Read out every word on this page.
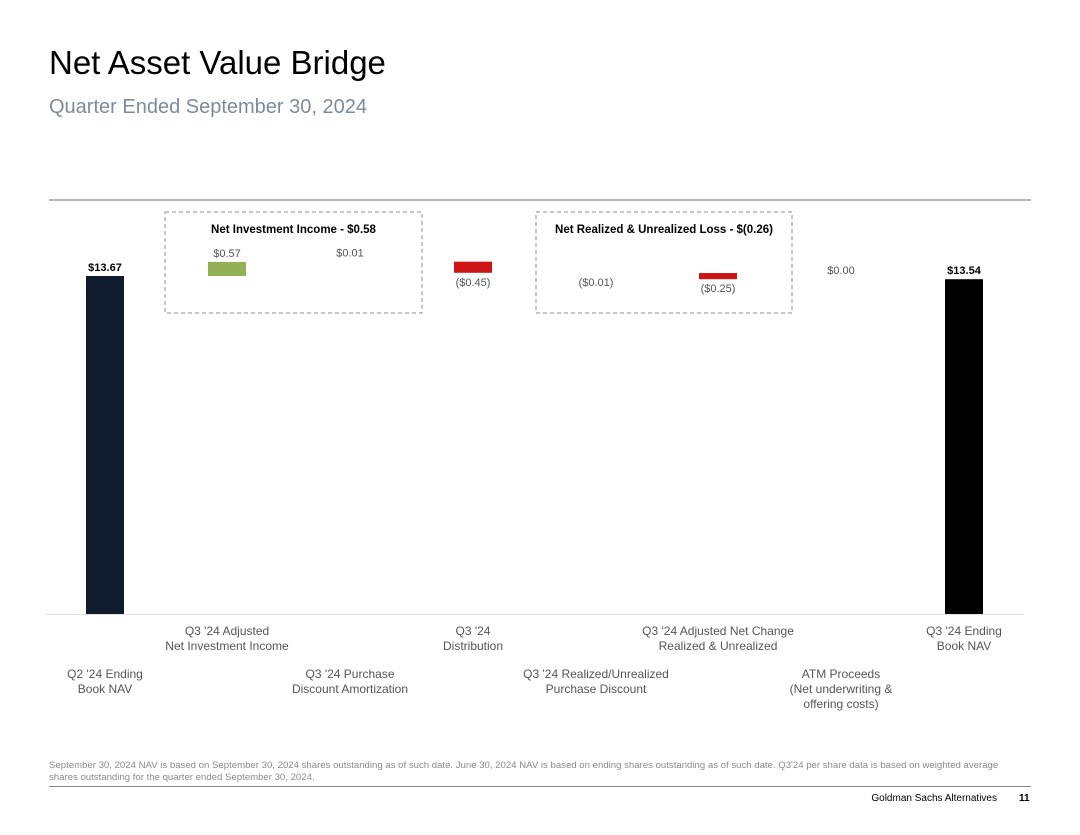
Net Asset Value Bridge
Quarter Ended September 30, 2024
Net Investment Income - $0.58	Net Realized & Unrealized Loss - $(0.26)
$13.67
$0.57	$0.01
($0.45)	($0.01)
($0.25)
$0.00	$13.54
Q2 '24 Ending
Book NAV
Q3 '24 Adjusted
Net Investment Income
Q3 '24 Purchase
Discount Amortization
Q3 '24
Distribution
Q3 '24 Realized/Unrealized
Purchase Discount
Q3 '24 Adjusted Net Change
Realized & Unrealized
ATM Proceeds
(Net underwriting &
offering costs)
Q3 '24 Ending
Book NAV
September 30, 2024 NAV is based on September 30, 2024 shares outstanding as of such date. June 30, 2024 NAV is based on ending shares outstanding as of such date. Q3'24 per share data is based on weighted average shares outstanding for the quarter ended September 30, 2024.
Goldman Sachs Alternatives 11
